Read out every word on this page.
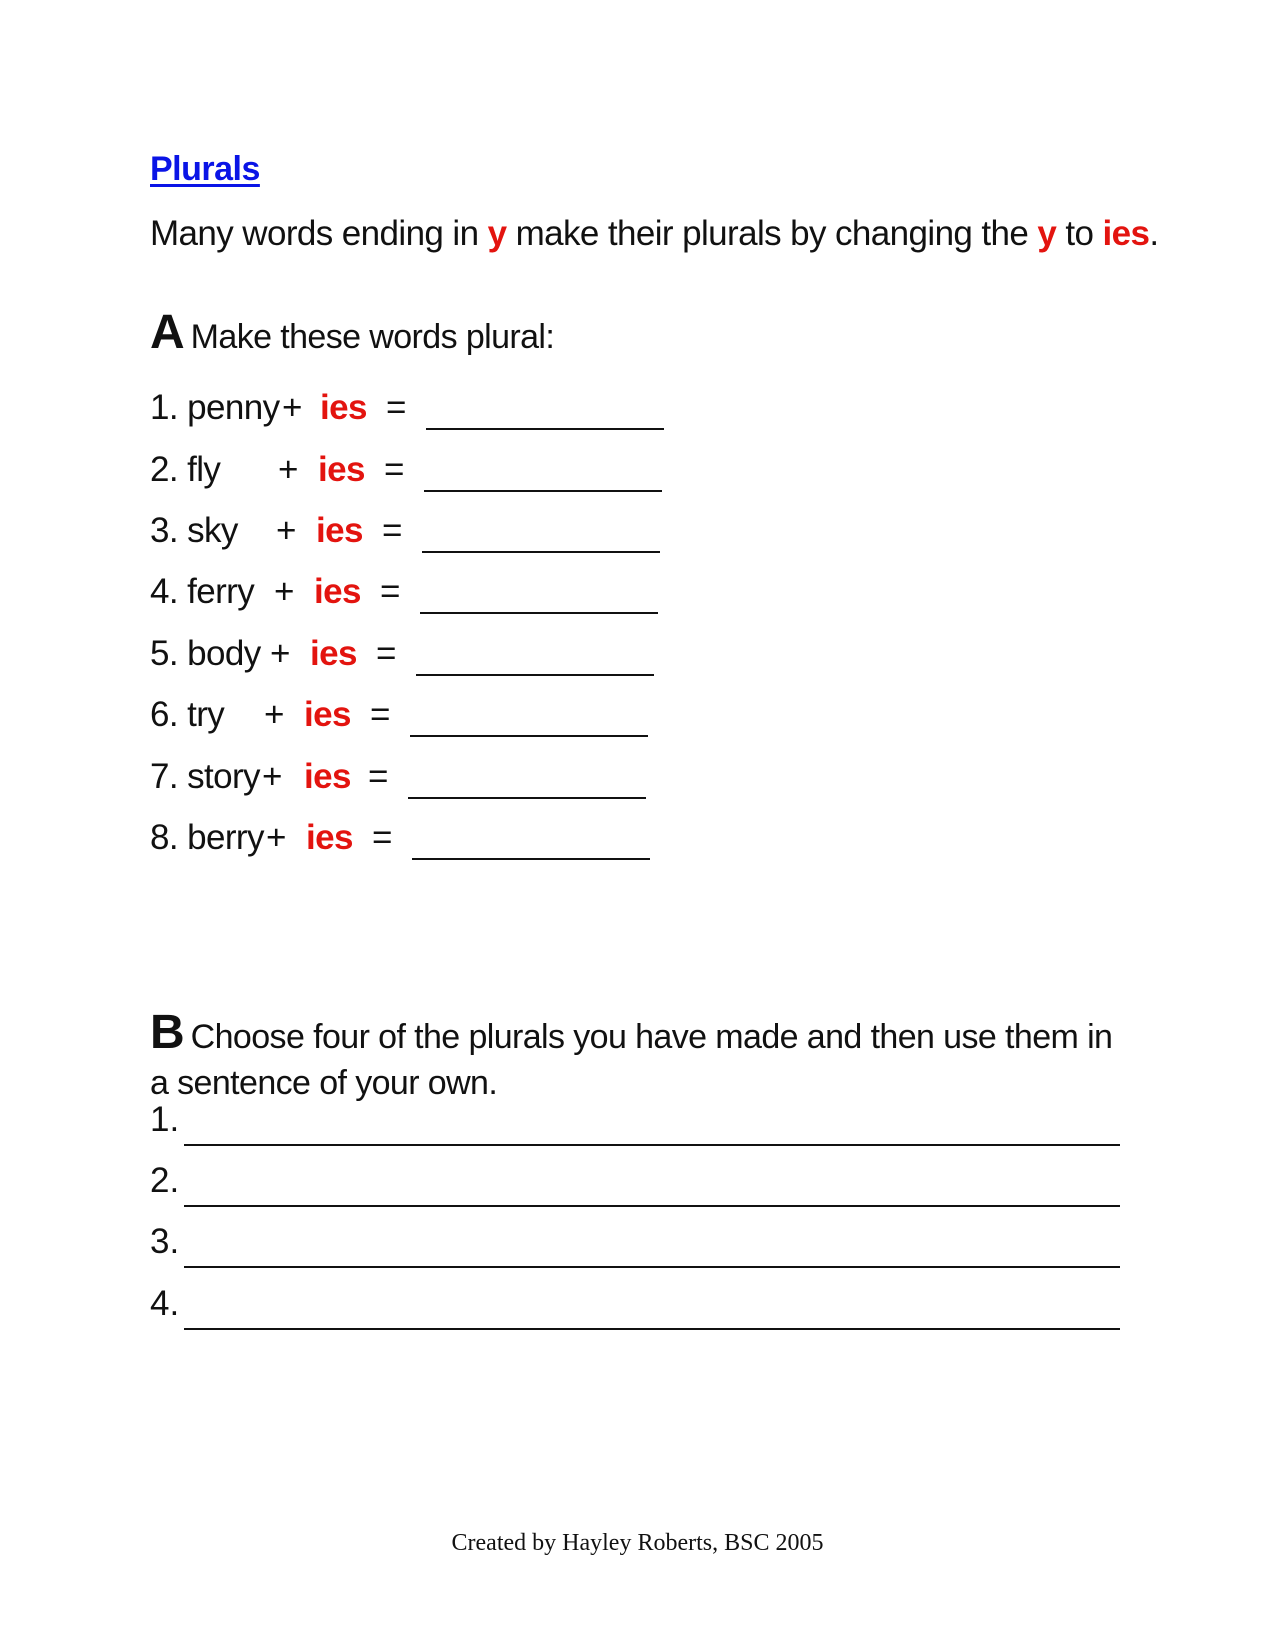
Plurals
Many words ending in y make their plurals by changing the y to ies.
A Make these words plural:
1. penny + ies =
2. fly + ies =
3. sky + ies =
4. ferry + ies =
5. body + ies =
6. try + ies =
7. story + ies =
8. berry + ies =
B Choose four of the plurals you have made and then use them in a sentence of your own.
1.
2.
3.
4.
Created by Hayley Roberts, BSC 2005
